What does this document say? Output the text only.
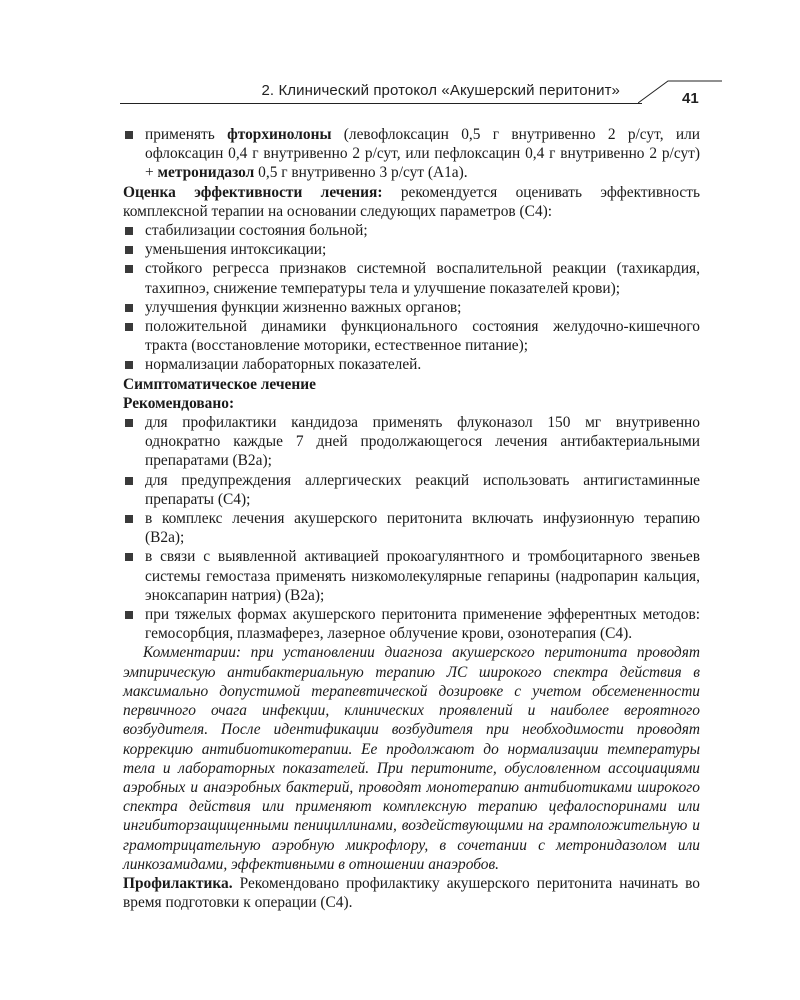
2. Клинический протокол «Акушерский перитонит»	41

применять фторхинолоны (левофлоксацин 0,5 г внутривенно 2 р/сут, или офлоксацин 0,4 г внутривенно 2 р/сут, или пефлоксацин 0,4 г внутривенно 2 р/сут) + метронидазол 0,5 г внутривенно 3 р/сут (A1a).

Оценка эффективности лечения: рекомендуется оценивать эффективность комплексной терапии на основании следующих параметров (С4):

стабилизации состояния больной;

уменьшения интоксикации;

стойкого регресса признаков системной воспалительной реакции (тахикардия, тахипноэ, снижение температуры тела и улучшение показателей крови);

улучшения функции жизненно важных органов;

положительной динамики функционального состояния желудочно-кишечного тракта (восстановление моторики, естественное питание);

нормализации лабораторных показателей.

Симптоматическое лечение

Рекомендовано:

для профилактики кандидоза применять флуконазол 150 мг внутривенно однократно каждые 7 дней продолжающегося лечения антибактериальными препаратами (B2a);

для предупреждения аллергических реакций использовать антигистаминные препараты (С4);

в комплекс лечения акушерского перитонита включать инфузионную терапию (B2a);

в связи с выявленной активацией прокоагулянтного и тромбоцитарного звеньев системы гемостаза применять низкомолекулярные гепарины (надропарин кальция, эноксапарин натрия) (B2a);

при тяжелых формах акушерского перитонита применение эфферентных методов: гемосорбция, плазмаферез, лазерное облучение крови, озонотерапия (С4).

Комментарии: при установлении диагноза акушерского перитонита проводят эмпирическую антибактериальную терапию ЛС широкого спектра действия в максимально допустимой терапевтической дозировке с учетом обсемененности первичного очага инфекции, клинических проявлений и наиболее вероятного возбудителя. После идентификации возбудителя при необходимости проводят коррекцию антибиотикотерапии. Ее продолжают до нормализации температуры тела и лабораторных показателей. При перитоните, обусловленном ассоциациями аэробных и анаэробных бактерий, проводят монотерапию антибиотиками широкого спектра действия или применяют комплексную терапию цефалоспоринами или ингибиторзащищенными пенициллинами, воздействующими на грамположительную и грамотрицательную аэробную микрофлору, в сочетании с метронидазолом или линкозамидами, эффективными в отношении анаэробов.

Профилактика. Рекомендовано профилактику акушерского перитонита начинать во время подготовки к операции (С4).
